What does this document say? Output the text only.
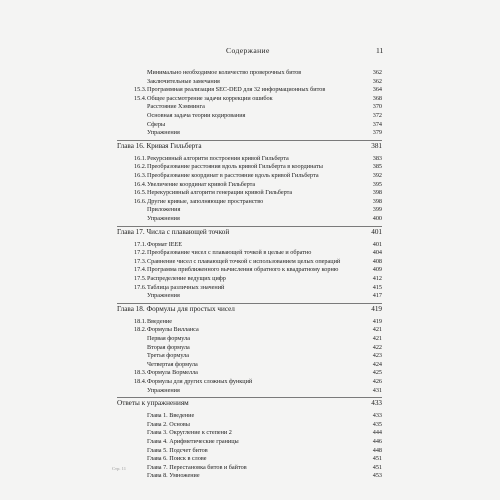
Содержание	11
Минимально необходимое количество проверочных битов	362
Заключительные замечания	362
15.3. Программная реализация SEC-DED для 32 информационных битов	364
15.4. Общее рассмотрение задачи коррекции ошибок	368
Расстояние Хэмминга	370
Основная задача теории кодирования	372
Сферы	374
Упражнения	379
Глава 16. Кривая Гильберта	381
16.1. Рекурсивный алгоритм построения кривой Гильберта	383
16.2. Преобразование расстояния вдоль кривой Гильберта в координаты	385
16.3. Преобразование координат в расстояние вдоль кривой Гильберта	392
16.4. Увеличение координат кривой Гильберта	395
16.5. Нерекурсивный алгоритм генерации кривой Гильберта	398
16.6. Другие кривые, заполняющие пространство	398
Приложения	399
Упражнения	400
Глава 17. Числа с плавающей точкой	401
17.1. Формат IEEE	401
17.2. Преобразование чисел с плавающей точкой в целые и обратно	404
17.3. Сравнение чисел с плавающей точкой с использованием целых операций	408
17.4. Программа приближенного вычисления обратного к квадратному корню	409
17.5. Распределение ведущих цифр	412
17.6. Таблица различных значений	415
Упражнения	417
Глава 18. Формулы для простых чисел	419
18.1. Введение	419
18.2. Формулы Вилланса	421
Первая формула	421
Вторая формула	422
Третья формула	423
Четвертая формула	424
18.3. Формула Вормелла	425
18.4. Формулы для других сложных функций	426
Упражнения	431
Ответы к упражнениям	433
Глава 1. Введение	433
Глава 2. Основы	435
Глава 3. Округление к степени 2	444
Глава 4. Арифметические границы	446
Глава 5. Подсчет битов	448
Глава 6. Поиск в слове	451
Глава 7. Перестановка битов и байтов	451
Глава 8. Умножение	453
Стр. 11
